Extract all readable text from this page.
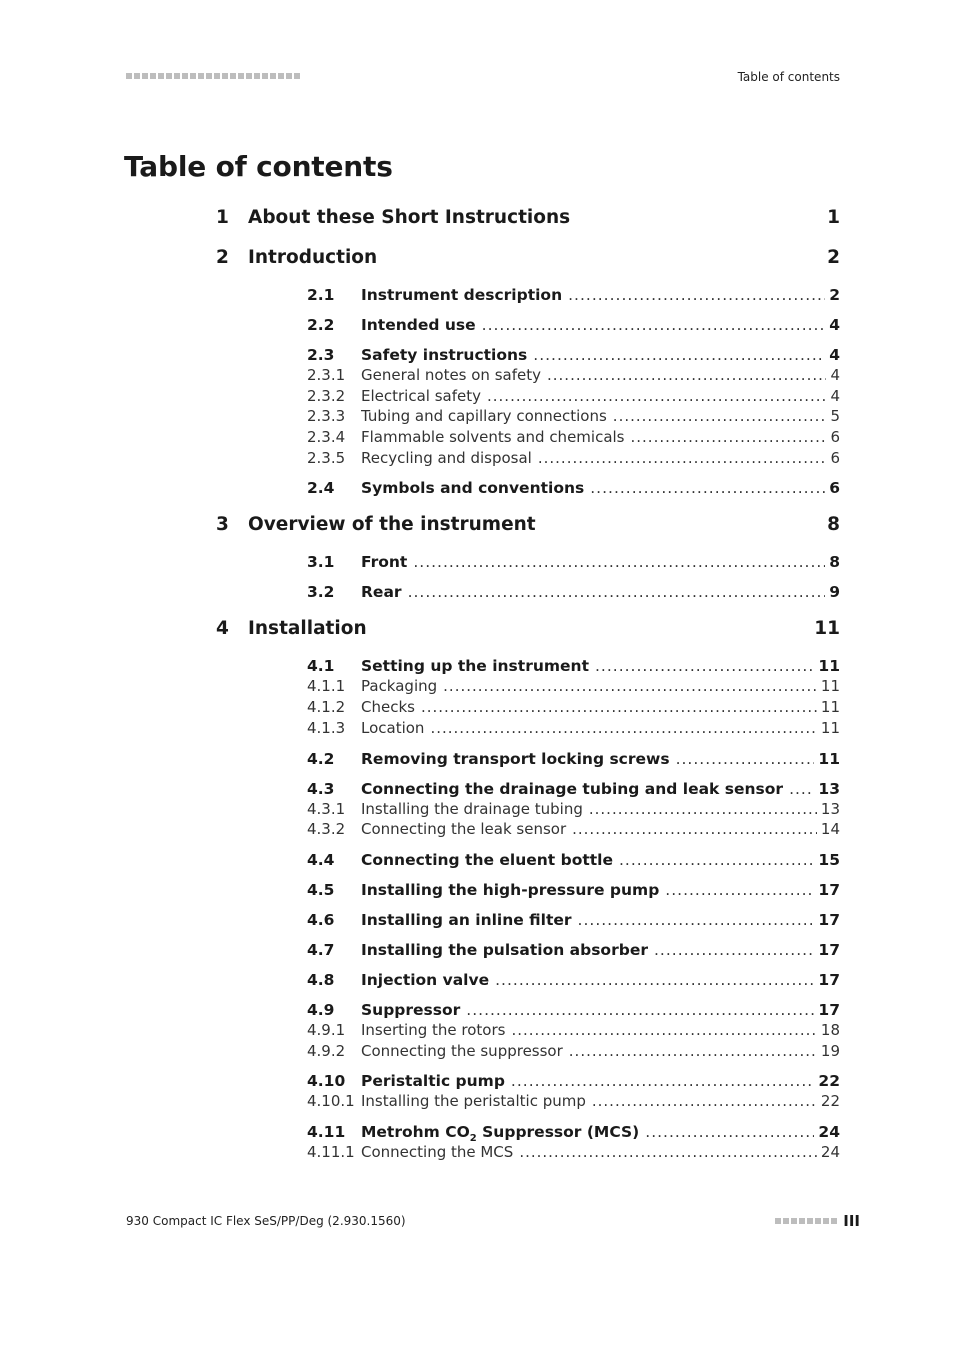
Table of contents
Table of contents
1	About these Short Instructions	1
2	Introduction	2
2.1	Instrument description .....	2
2.2	Intended use .....	4
2.3	Safety instructions .....	4
2.3.1	General notes on safety .....	4
2.3.2	Electrical safety .....	4
2.3.3	Tubing and capillary connections .....	5
2.3.4	Flammable solvents and chemicals .....	6
2.3.5	Recycling and disposal .....	6
2.4	Symbols and conventions .....	6
3	Overview of the instrument	8
3.1	Front .....	8
3.2	Rear .....	9
4	Installation	11
4.1	Setting up the instrument .....	11
4.1.1	Packaging .....	11
4.1.2	Checks .....	11
4.1.3	Location .....	11
4.2	Removing transport locking screws .....	11
4.3	Connecting the drainage tubing and leak sensor .....	13
4.3.1	Installing the drainage tubing .....	13
4.3.2	Connecting the leak sensor .....	14
4.4	Connecting the eluent bottle .....	15
4.5	Installing the high-pressure pump .....	17
4.6	Installing an inline filter .....	17
4.7	Installing the pulsation absorber .....	17
4.8	Injection valve .....	17
4.9	Suppressor .....	17
4.9.1	Inserting the rotors .....	18
4.9.2	Connecting the suppressor .....	19
4.10	Peristaltic pump .....	22
4.10.1 Installing the peristaltic pump .....	22
4.11	Metrohm $CO_2$ Suppressor (MCS) .....	24
4.11.1 Connecting the MCS .....	24
930 Compact IC Flex SeS/PP/Deg (2.930.1560)	III
